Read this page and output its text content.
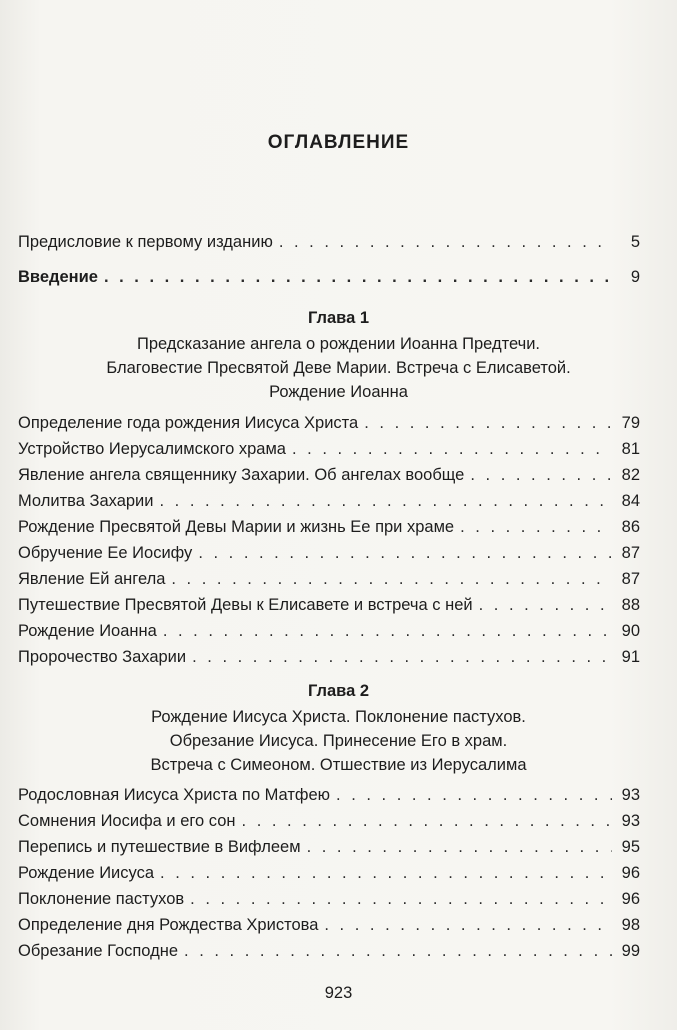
ОГЛАВЛЕНИЕ
Предисловие к первому изданию . . .	5
Введение . . .	9
Глава 1
Предсказание ангела о рождении Иоанна Предтечи.
Благовестие Пресвятой Деве Марии. Встреча с Елисаветой.
Рождение Иоанна
Определение года рождения Иисуса Христа . . .	79
Устройство Иерусалимского храма . . .	81
Явление ангела священнику Захарии. Об ангелах вообще . . .	82
Молитва Захарии . . .	84
Рождение Пресвятой Девы Марии и жизнь Ее при храме . . .	86
Обручение Ее Иосифу . . .	87
Явление Ей ангела . . .	87
Путешествие Пресвятой Девы к Елисавете и встреча с ней . . .	88
Рождение Иоанна . . .	90
Пророчество Захарии . . .	91
Глава 2
Рождение Иисуса Христа. Поклонение пастухов.
Обрезание Иисуса. Принесение Его в храм.
Встреча с Симеоном. Отшествие из Иерусалима
Родословная Иисуса Христа по Матфею . . .	93
Сомнения Иосифа и его сон . . .	93
Перепись и путешествие в Вифлеем . . .	95
Рождение Иисуса . . .	96
Поклонение пастухов . . .	96
Определение дня Рождества Христова . . .	98
Обрезание Господне . . .	99
923
